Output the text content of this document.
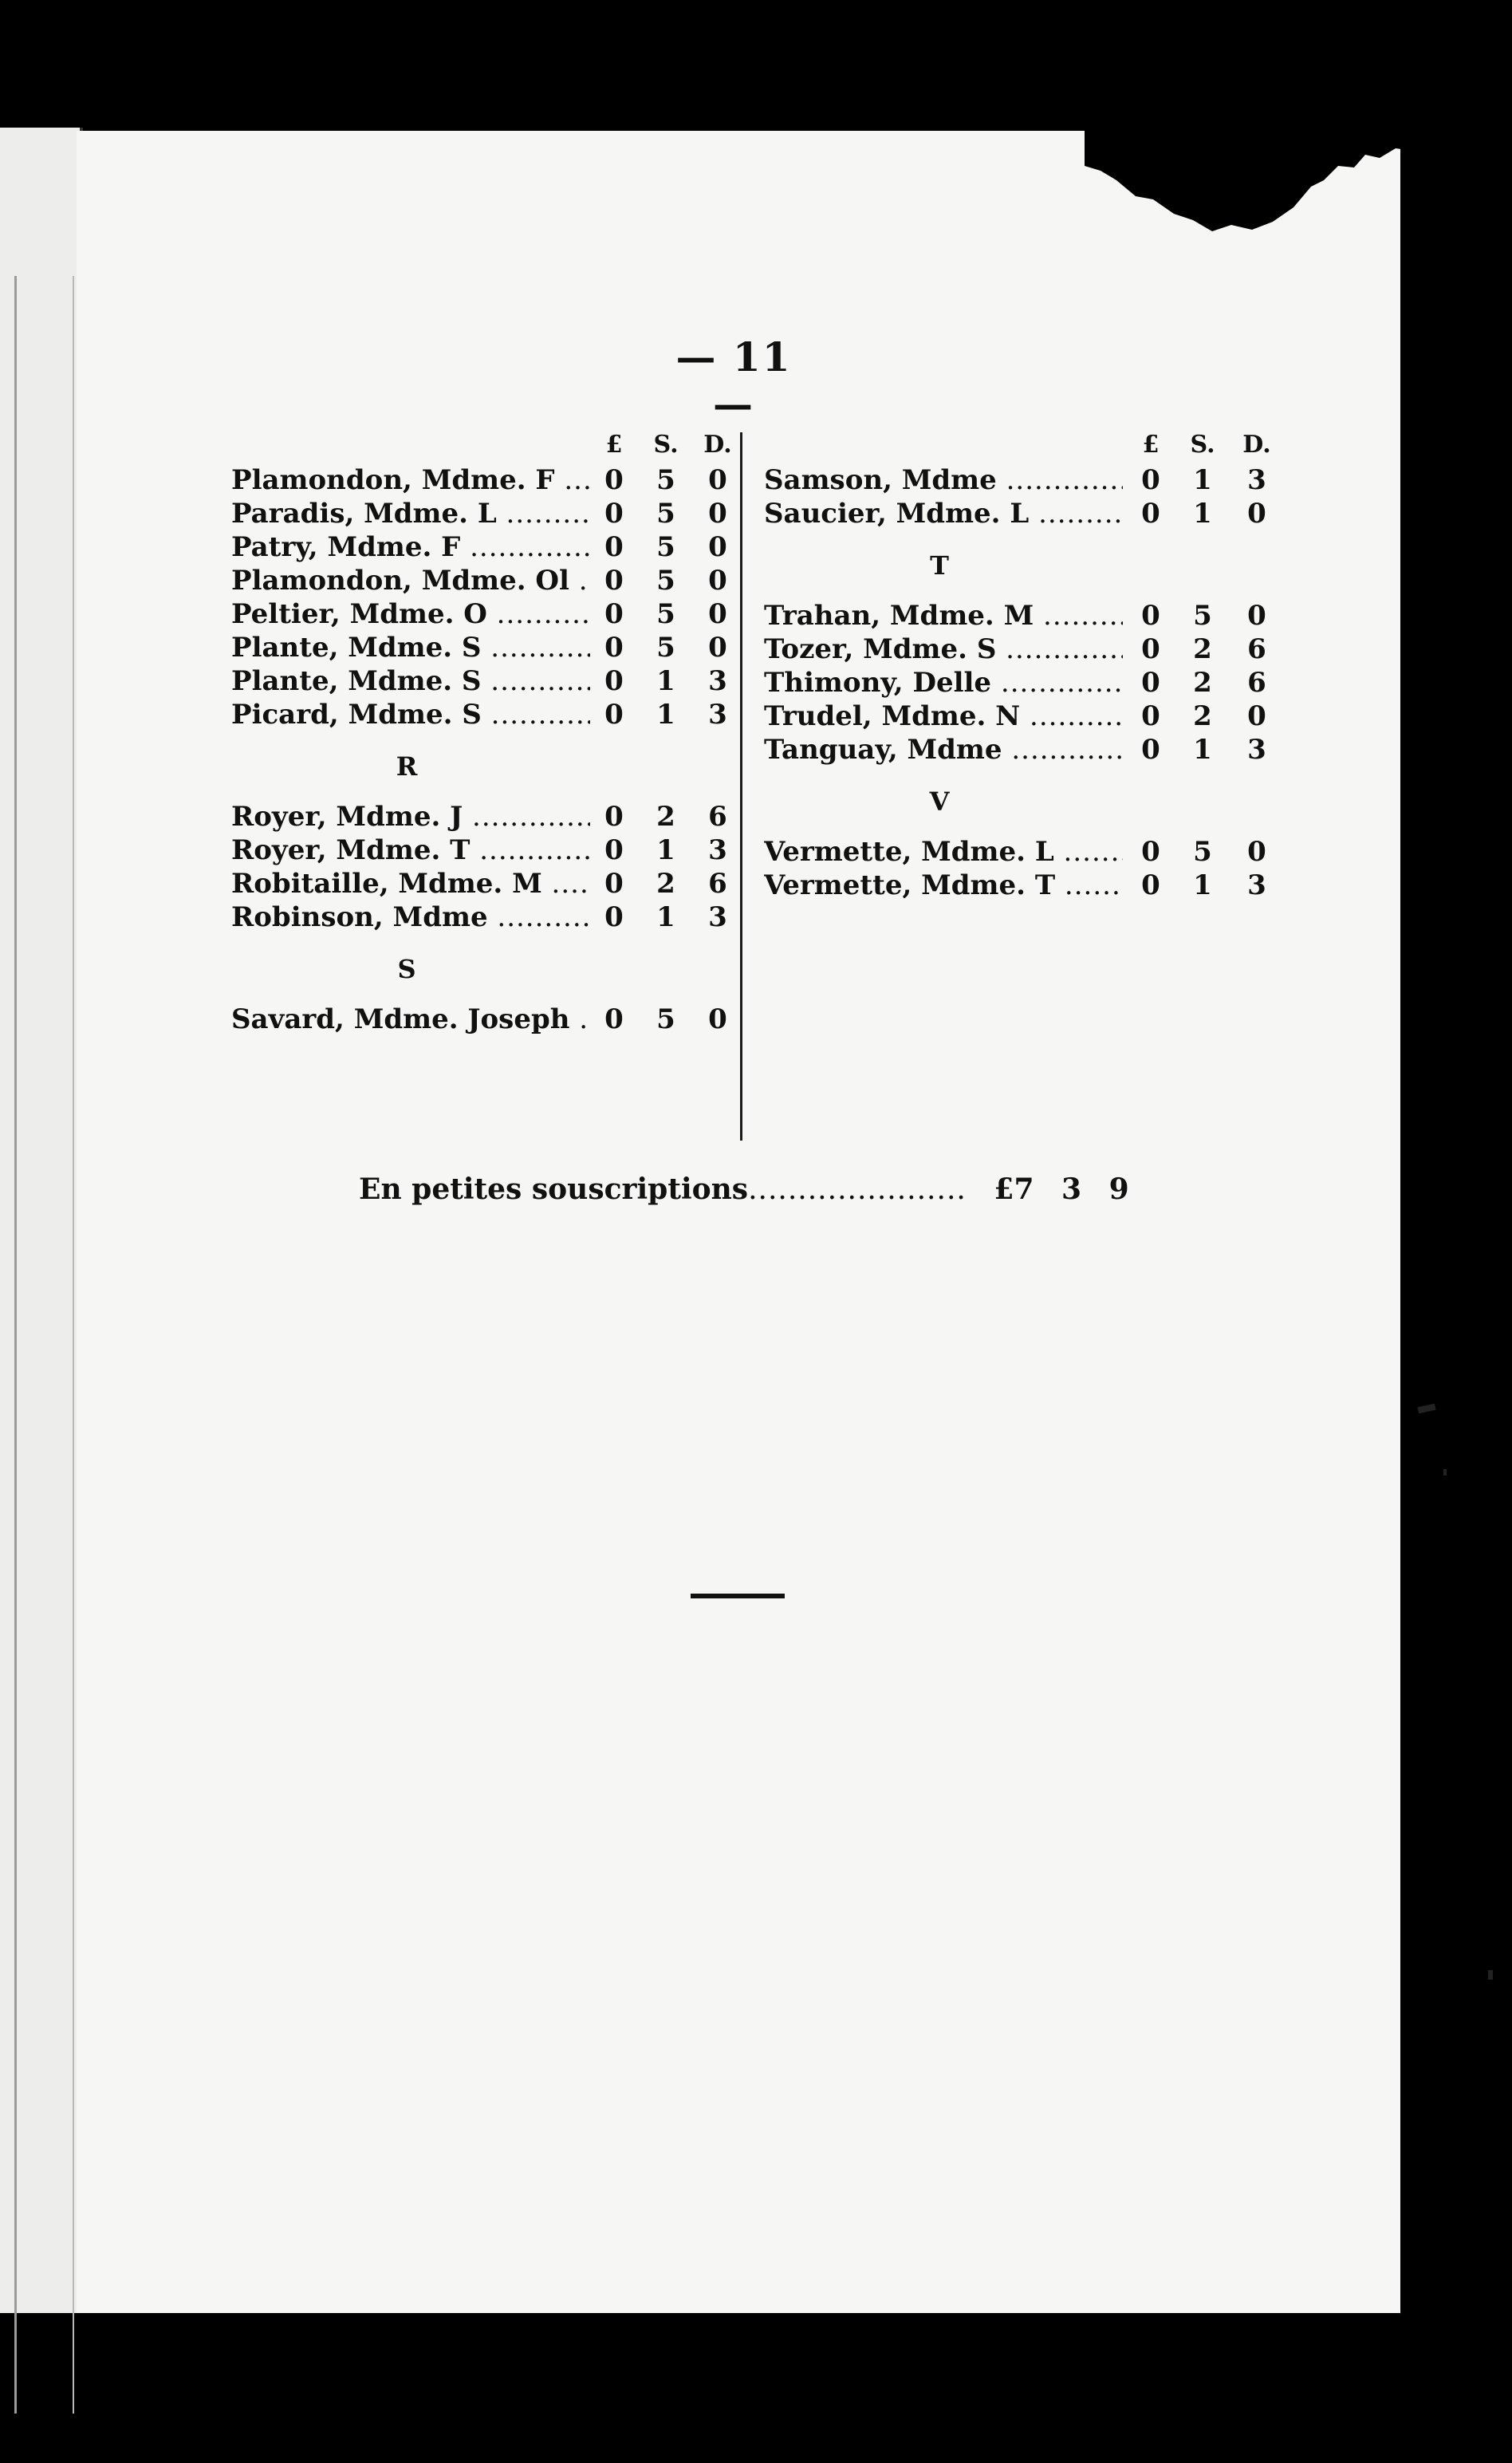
— 11 —
£	S. D.
Plamondon, Mdme. F .....	0 5 0
Paradis, Mdme. L .....	0 5 0
Patry, Mdme. F .....	0 5 0
Plamondon, Mdme. Ol .....	0 5 0
Peltier, Mdme. O .....	0 5 0
Plante, Mdme. S .....	0 5 0
Plante, Mdme. S .....	0 1 3
Picard, Mdme. S .....	0 1 3
R
Royer, Mdme. J .....	0 2 6
Royer, Mdme. T .....	0 1 3
Robitaille, Mdme. M .....	0 2 6
Robinson, Mdme .....	0 1 3
S
Savard, Mdme. Joseph .....	0 5 0
£	S. D.
Samson, Mdme .....	0 1 3
Saucier, Mdme. L .....	0 1 0
T
Trahan, Mdme. M .....	0 5 0
Tozer, Mdme. S .....	0 2 6
Thimony, Delle .....	0 2 6
Trudel, Mdme. N .....	0 2 0
Tanguay, Mdme .....	0 1 3
V
Vermette, Mdme. L .....	0 5 0
Vermette, Mdme. T .....	0 1 3
En petites souscriptions...................... £7 3 9
